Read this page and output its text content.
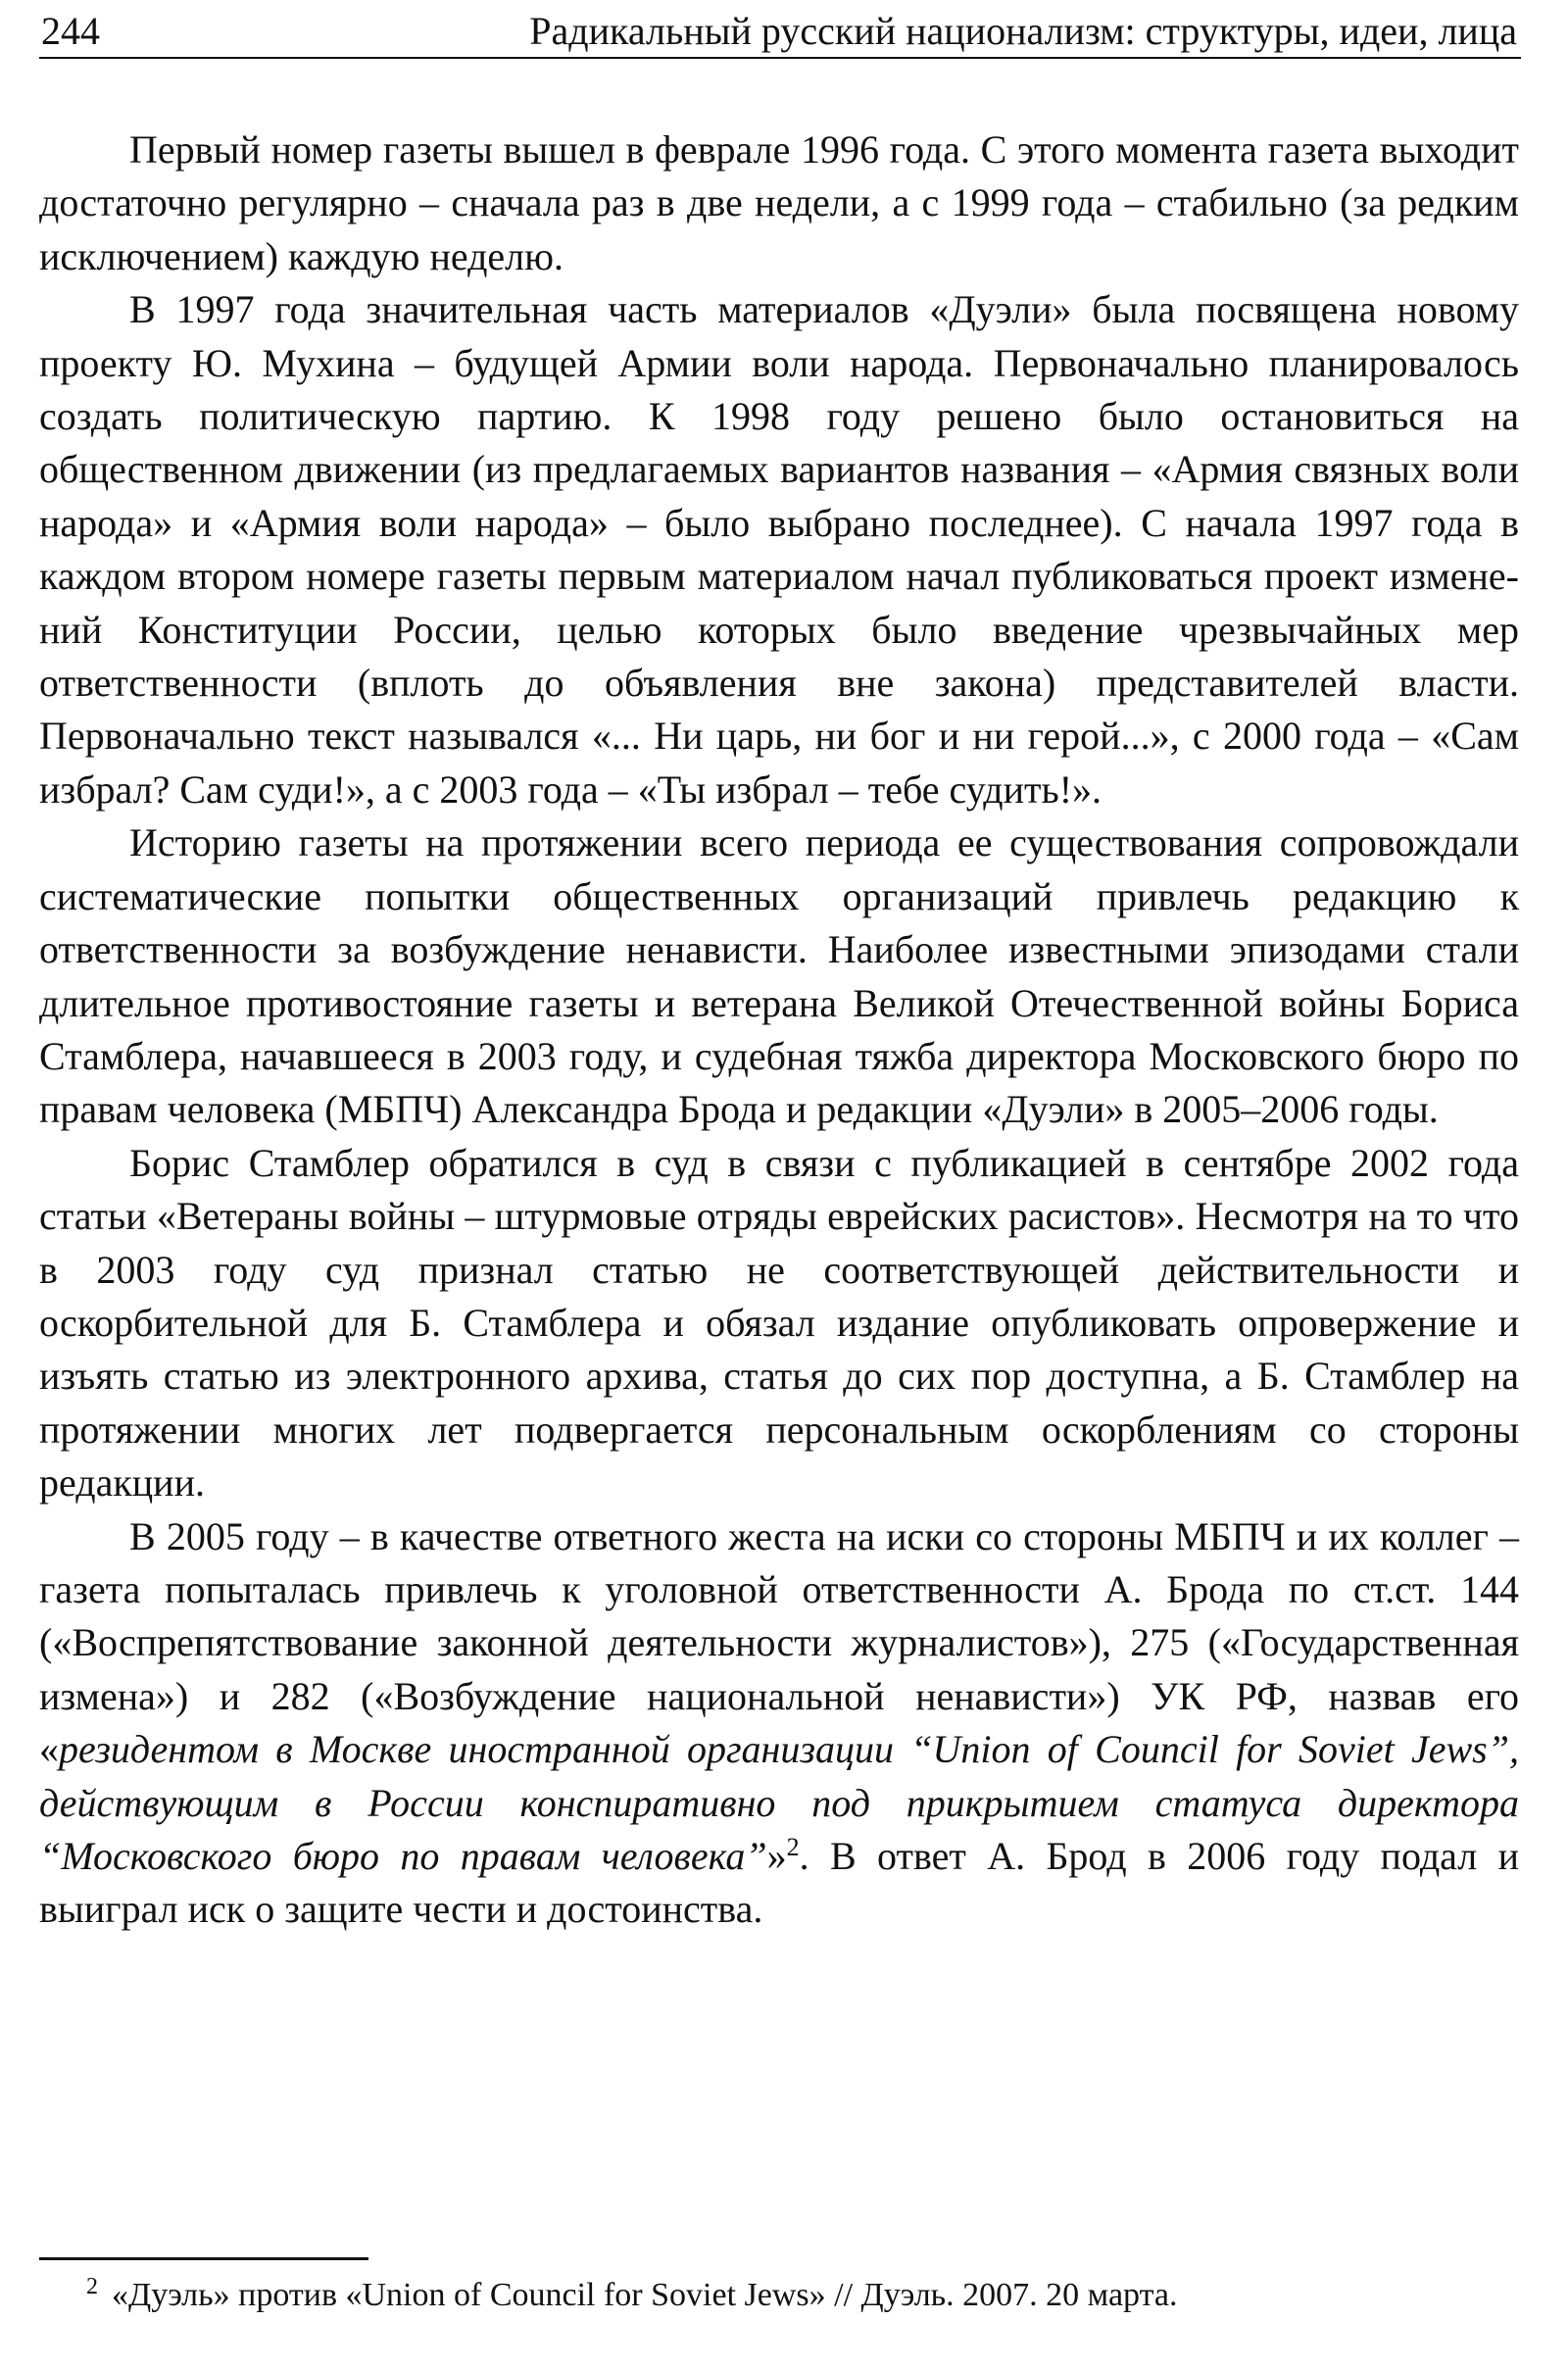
244	Радикальный русский национализм: структуры, идеи, лица

Первый номер газеты вышел в феврале 1996 года. С этого момента газета выходит достаточно регулярно – сначала раз в две недели, а с 1999 года – стабильно (за редким исключением) каждую неделю.

В 1997 года значительная часть материалов «Дуэли» была посвящена новому проекту Ю. Мухина – будущей Армии воли народа. Первоначально планировалось создать политическую партию. К 1998 году решено было остановиться на общественном движении (из предлагаемых вариантов названия – «Армия связных воли народа» и «Армия воли народа» – было выбрано последнее). С начала 1997 года в каждом втором номере газеты первым материалом начал публиковаться проект изменений Конституции России, целью которых было введение чрезвычайных мер ответственности (вплоть до объявления вне закона) представителей власти. Первоначально текст назывался «... Ни царь, ни бог и ни герой...», с 2000 года – «Сам избрал? Сам суди!», а с 2003 года – «Ты избрал – тебе судить!».

Историю газеты на протяжении всего периода ее существования сопровождали систематические попытки общественных организаций привлечь редакцию к ответственности за возбуждение ненависти. Наиболее известными эпизодами стали длительное противостояние газеты и ветерана Великой Отечественной войны Бориса Стамблера, начавшееся в 2003 году, и судебная тяжба директора Московского бюро по правам человека (МБПЧ) Александра Брода и редакции «Дуэли» в 2005–2006 годы.

Борис Стамблер обратился в суд в связи с публикацией в сентябре 2002 года статьи «Ветераны войны – штурмовые отряды еврейских расистов». Несмотря на то что в 2003 году суд признал статью не соответствующей действительности и оскорбительной для Б. Стамблера и обязал издание опубликовать опровержение и изъять статью из электронного архива, статья до сих пор доступна, а Б. Стамблер на протяжении многих лет подвергается персональным оскорблениям со стороны редакции.

В 2005 году – в качестве ответного жеста на иски со стороны МБПЧ и их коллег – газета попыталась привлечь к уголовной ответственности А. Брода по ст.ст. 144 («Воспрепятствование законной деятельности журналистов»), 275 («Государственная измена») и 282 («Возбуждение национальной ненависти») УК РФ, назвав его «резидентом в Москве иностранной организации “Union of Council for Soviet Jews”, действующим в России конспиративно под прикрытием статуса директора “Московского бюро по правам человека”»$^2$. В ответ А. Брод в 2006 году подал и выиграл иск о защите чести и достоинства.

$^2$ «Дуэль» против «Union of Council for Soviet Jews» // Дуэль. 2007. 20 марта.
